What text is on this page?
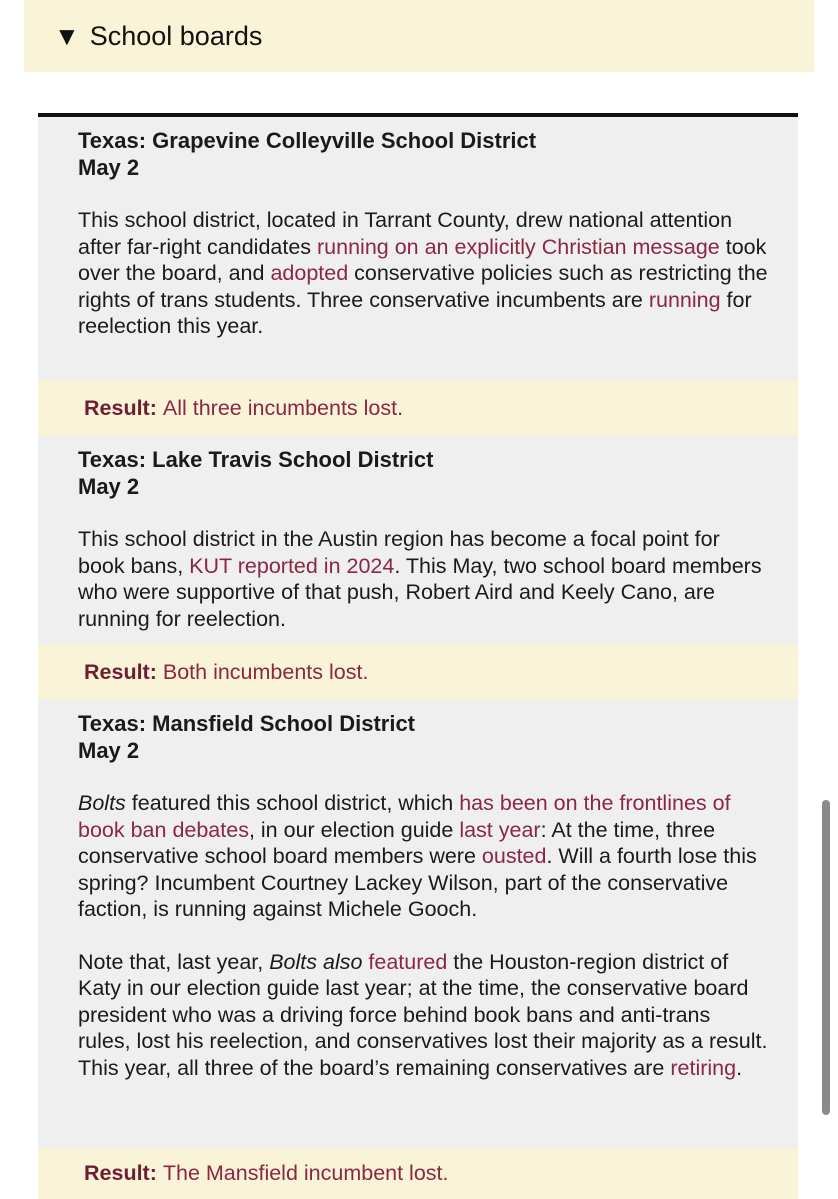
▼ School boards
Texas: Grapevine Colleyville School District
May 2
This school district, located in Tarrant County, drew national attention after far-right candidates running on an explicitly Christian message took over the board, and adopted conservative policies such as restricting the rights of trans students. Three conservative incumbents are running for reelection this year.
Result: All three incumbents lost.
Texas: Lake Travis School District
May 2
This school district in the Austin region has become a focal point for book bans, KUT reported in 2024. This May, two school board members who were supportive of that push, Robert Aird and Keely Cano, are running for reelection.
Result: Both incumbents lost.
Texas: Mansfield School District
May 2
Bolts featured this school district, which has been on the frontlines of book ban debates, in our election guide last year: At the time, three conservative school board members were ousted. Will a fourth lose this spring? Incumbent Courtney Lackey Wilson, part of the conservative faction, is running against Michele Gooch.
Note that, last year, Bolts also featured the Houston-region district of Katy in our election guide last year; at the time, the conservative board president who was a driving force behind book bans and anti-trans rules, lost his reelection, and conservatives lost their majority as a result. This year, all three of the board’s remaining conservatives are retiring.
Result: The Mansfield incumbent lost.
